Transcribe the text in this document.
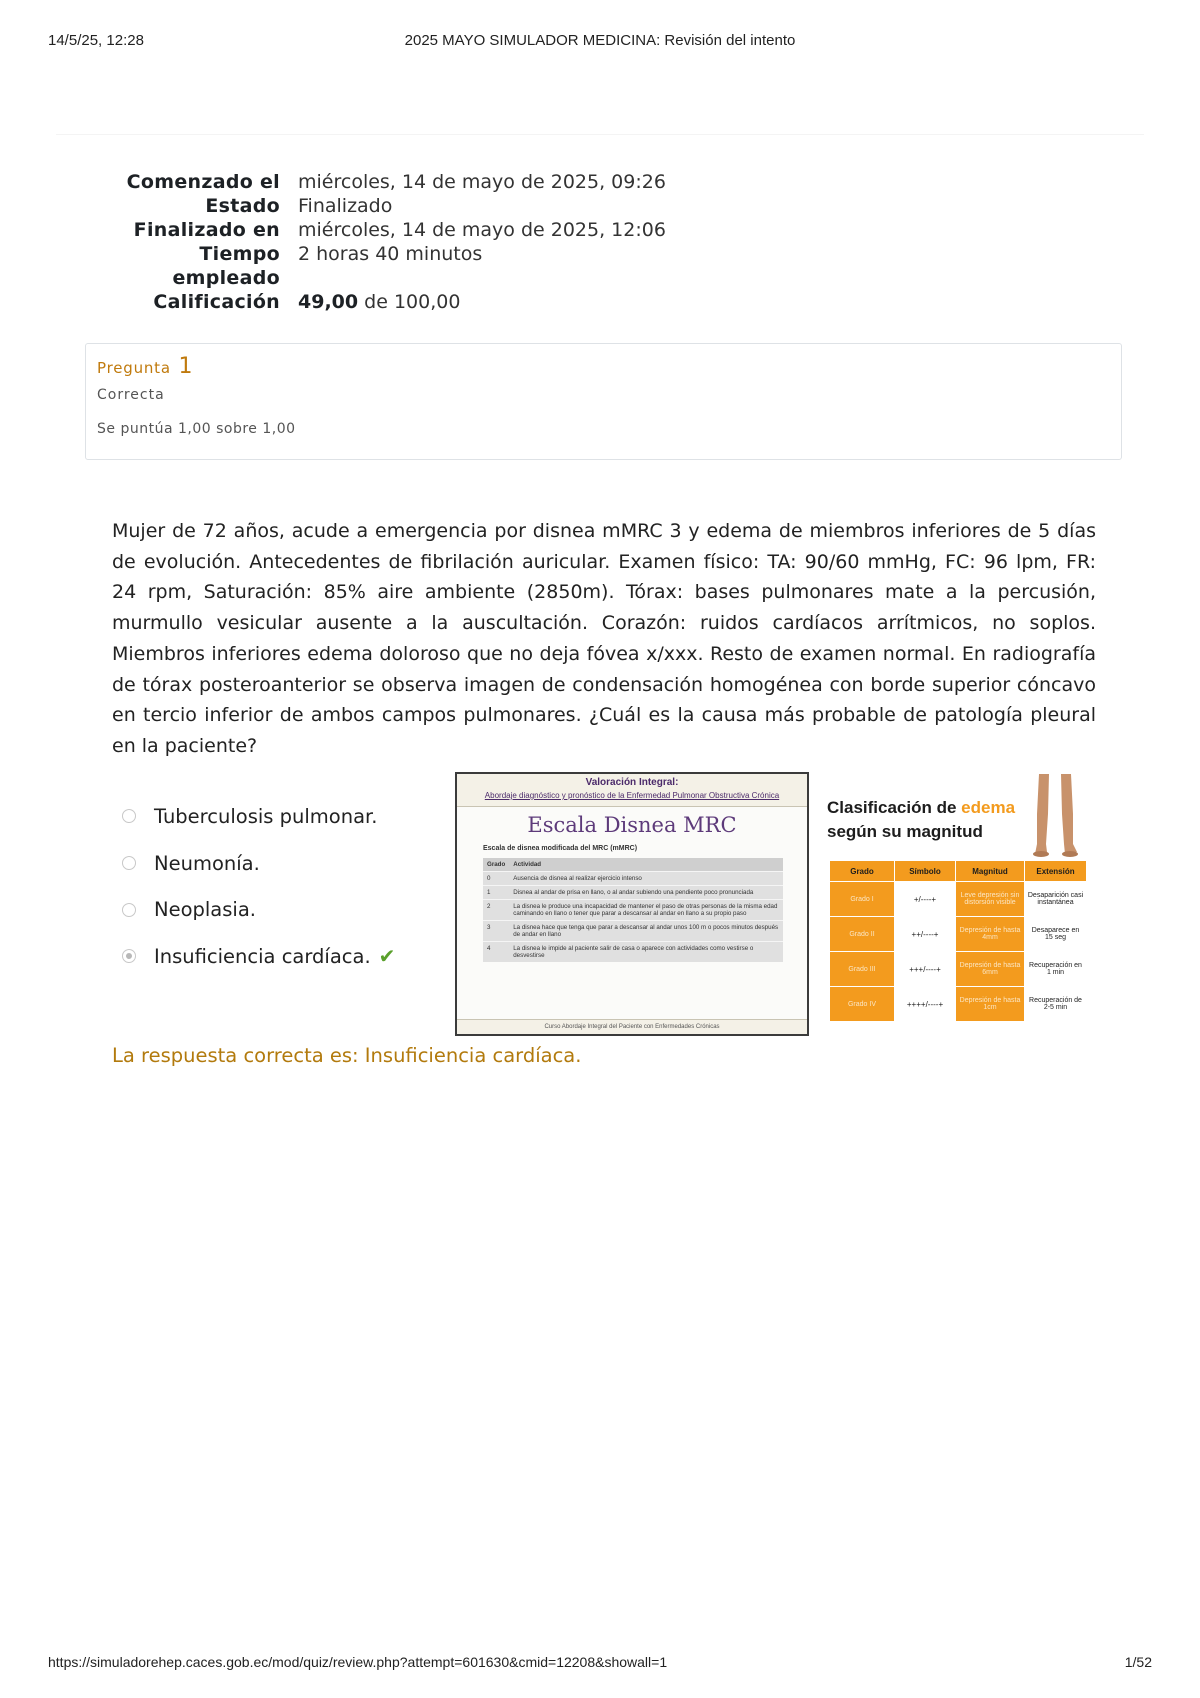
14/5/25, 12:28	2025 MAYO SIMULADOR MEDICINA: Revisión del intento
Comenzado el	miércoles, 14 de mayo de 2025, 09:26
Estado	Finalizado
Finalizado en	miércoles, 14 de mayo de 2025, 12:06
Tiempo
empleado	2 horas 40 minutos
Calificación	49,00 de 100,00
Pregunta 1
Correcta
Se puntúa 1,00 sobre 1,00
Mujer de 72 años, acude a emergencia por disnea mMRC 3 y edema de miembros inferiores de 5 días de evolución. Antecedentes de fibrilación auricular. Examen físico: TA: 90/60 mmHg, FC: 96 lpm, FR: 24 rpm, Saturación: 85% aire ambiente (2850m). Tórax: bases pulmonares mate a la percusión, murmullo vesicular ausente a la auscultación. Corazón: ruidos cardíacos arrítmicos, no soplos. Miembros inferiores edema doloroso que no deja fóvea x/xxx. Resto de examen normal. En radiografía de tórax posteroanterior se observa imagen de condensación homogénea con borde superior cóncavo en tercio inferior de ambos campos pulmonares. ¿Cuál es la causa más probable de patología pleural en la paciente?
Tuberculosis pulmonar.
Neumonía.
Neoplasia.
Insuficiencia cardíaca. ✔
Valoración Integral:
Abordaje diagnóstico y pronóstico de la Enfermedad Pulmonar Obstructiva Crónica
Escala Disnea MRC
Escala de disnea modificada del MRC (mMRC)
Grado	Actividad
0	Ausencia de disnea al realizar ejercicio intenso
1	Disnea al andar de prisa en llano, o al andar subiendo una pendiente poco pronunciada
2	La disnea le produce una incapacidad de mantener el paso de otras personas de la misma edad caminando en llano o tener que parar a descansar al andar en llano a su propio paso
3	La disnea hace que tenga que parar a descansar al andar unos 100 m o pocos minutos después de andar en llano
4	La disnea le impide al paciente salir de casa o aparece con actividades como vestirse o desvestirse
Curso Abordaje Integral del Paciente con Enfermedades Crónicas
Clasificación de edema
según su magnitud
Grado	Símbolo	Magnitud	Extensión
Grado I	+/----+	Leve depresión sin distorsión visible	Desaparición casi instantánea
Grado II	++/----+	Depresión de hasta 4mm	Desaparece en 15 seg
Grado III	+++/----+	Depresión de hasta 6mm	Recuperación en 1 min
Grado IV	++++/----+	Depresión de hasta 1cm	Recuperación de 2-5 min
La respuesta correcta es: Insuficiencia cardíaca.
https://simuladorehep.caces.gob.ec/mod/quiz/review.php?attempt=601630&cmid=12208&showall=1	1/52
